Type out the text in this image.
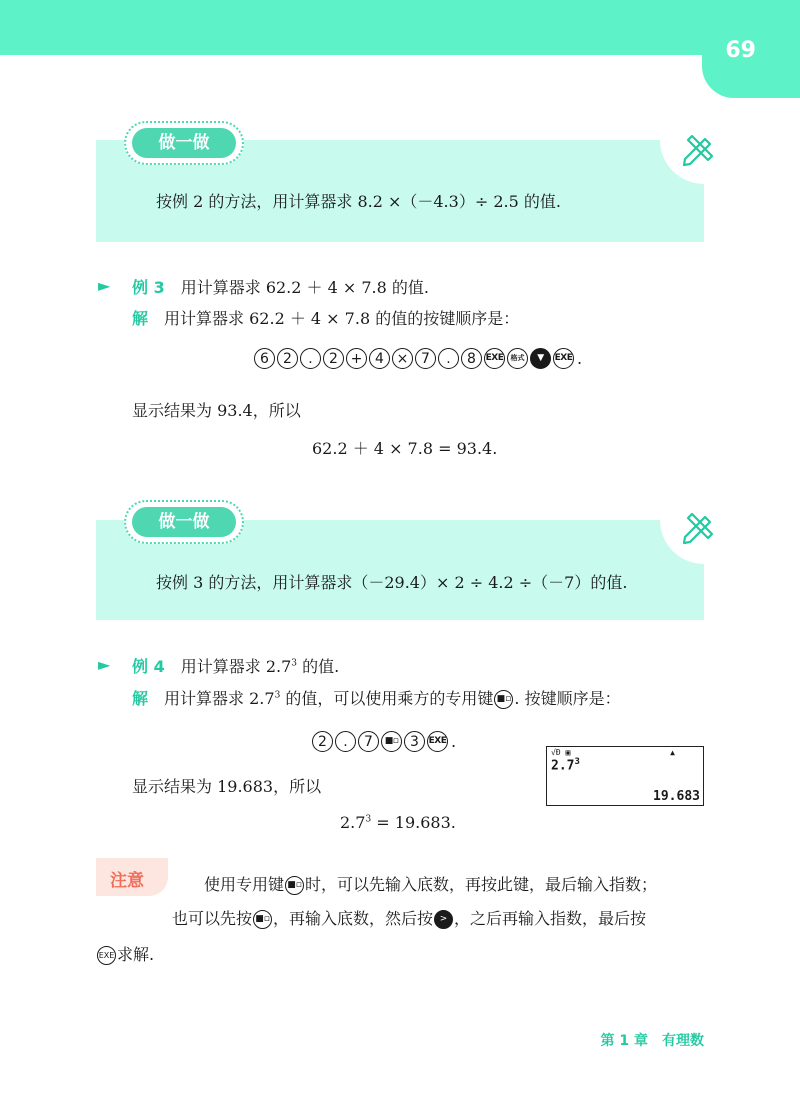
69
做一做
按例 2 的方法，用计算器求 8.2 ×（－4.3）÷ 2.5 的值.
► 例 3　 用计算器求 62.2 ＋ 4 × 7.8 的值.
解　 用计算器求 62.2 ＋ 4 × 7.8 的值的按键顺序是：
6	2	.	2 + 4 × 7	.	8	EXE	格式	▼	EXE .
显示结果为 93.4，所以
62.2 ＋ 4 × 7.8 = 93.4.
做一做
按例 3 的方法，用计算器求（－29.4）× 2 ÷ 4.2 ÷（－7）的值.
► 例 4　 用计算器求 $2.7^3$ 的值.
解　 用计算器求 $2.7^3$ 的值，可以使用乘方的专用键 ■▫ . 按键顺序是：
2	.	7	■▫ 3	EXE .
√Ð ▣	▲
$2.7^3$
19.683
显示结果为 19.683，所以
$2.7^3 = 19.683$.
注意	使用专用键 ■▫ 时，可以先输入底数，再按此键，最后输入指数；
也可以先按 ■▫ ，再输入底数，然后按 > ，之后再输入指数，最后按
EXE 求解.
第 1 章　有理数
